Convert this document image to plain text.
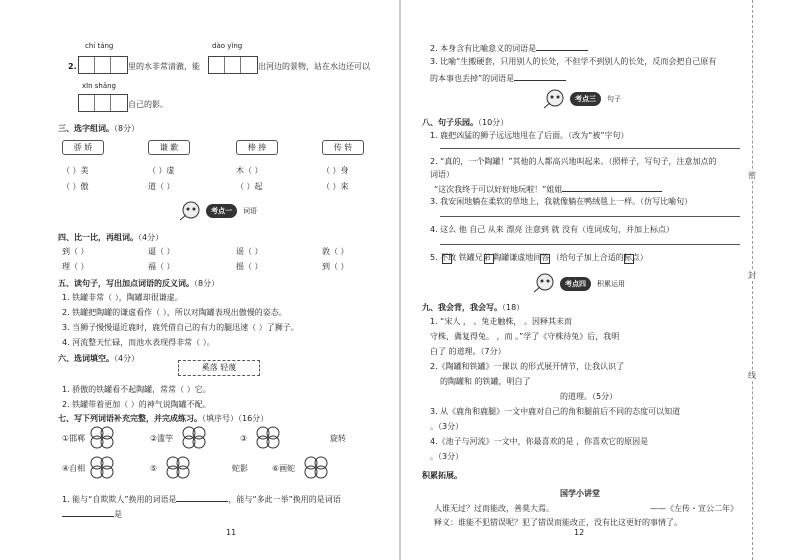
chí táng
2.	里的水非常清澈，能
dào yǐng
出河边的景物，站在水边还可以
xīn shǎng
自己的影。
三、选字组词。（8分）
骄 娇	谦 歉	棒 捧	传 转
（ ）美	（ ）虚	木（ ）	（ ）身
（ ）傲	道（ ）	（ ）起	（ ）来
考点一 词语
四、比一比，再组词。（4分）
到（ ）	逼（ ）	谣（ ）	敦（ ）
理（ ）	福（ ）	摇（ ）	到（ ）
五、读句子，写出加点词语的反义词。（8分）
1. 铁罐非常（ ），陶罐却很谦虚。
2. 铁罐把陶罐的谦虚看作（ ），所以对陶罐表现出傲慢的姿态。
3. 当狮子慢慢逼近鹿时，鹿凭借自己的有力的腿迅速（ ）了狮子。
4. 河流整天忙碌，而池水表现得非常（ ）。
六、选词填空。（4分）
奚落 轻蔑
1. 骄傲的铁罐看不起陶罐，常常（ ）它。
2. 铁罐带着更加（ ）的神气说陶罐不配。
七、写下列词语补充完整，并完成练习。（填序号）（16分）
①邯郸	②滥竽	③	旋转
④自相	⑤	蛇影	⑥画蛇
1. 能与“自欺欺人”换用的词语是	，能与“多此一举”换用的是词语
是
11
2. 本身含有比喻意义的词语是
3. 比喻“生搬硬套，只用别人的长处，不但学不到别人的长处，反而会把自己原有
的本事也丢掉”的词语是
考点三 句子
八、句子乐园。（10分）
1. 鹿把凶猛的狮子远远地甩在了后面。（改为“被”字句）
2. “真的，一个陶罐！”其他的人都高兴地叫起来。（照样子，写句子，注意加点的
词语）
“这次我终于可以好好地玩啦！”姐姐
3. 我安闲地躺在柔软的草地上，我就像躺在鸭绒毯上一样。（仿写比喻句）
4. 这么 他 自己 从来 漂亮 注意到 就 没有（连词成句，并加上标点）
5. 不敢 铁罐兄弟 陶罐谦虚地回答 （给句子加上合适的标点）
考点四 积累运用
九、我会背，我会写。（18）
1. “宋人 ， 。兔走触株， 。因释其未而
守株，冀复得兔。 ，而 。”学了《守株待兔》后，我明
白了 的道理。（7分）
2.《陶罐和铁罐》一课以 的形式展开情节，让我认识了
的陶罐和 的铁罐，明白了
的道理。（5分）
3. 从《鹿角和鹿腿》一文中鹿对自己的角和腿前后不同的态度可以知道
。（3分）
4.《池子与河流》一文中，你最喜欢的是 ，你喜欢它的原因是
。（3分）
积累拓展。
国学小讲堂
人谁无过？过而能改，善莫大焉。	——《左传・宣公二年》
释义：谁能不犯错误呢？犯了错误而能改正，没有比这更好的事情了。
12
密
封
线
